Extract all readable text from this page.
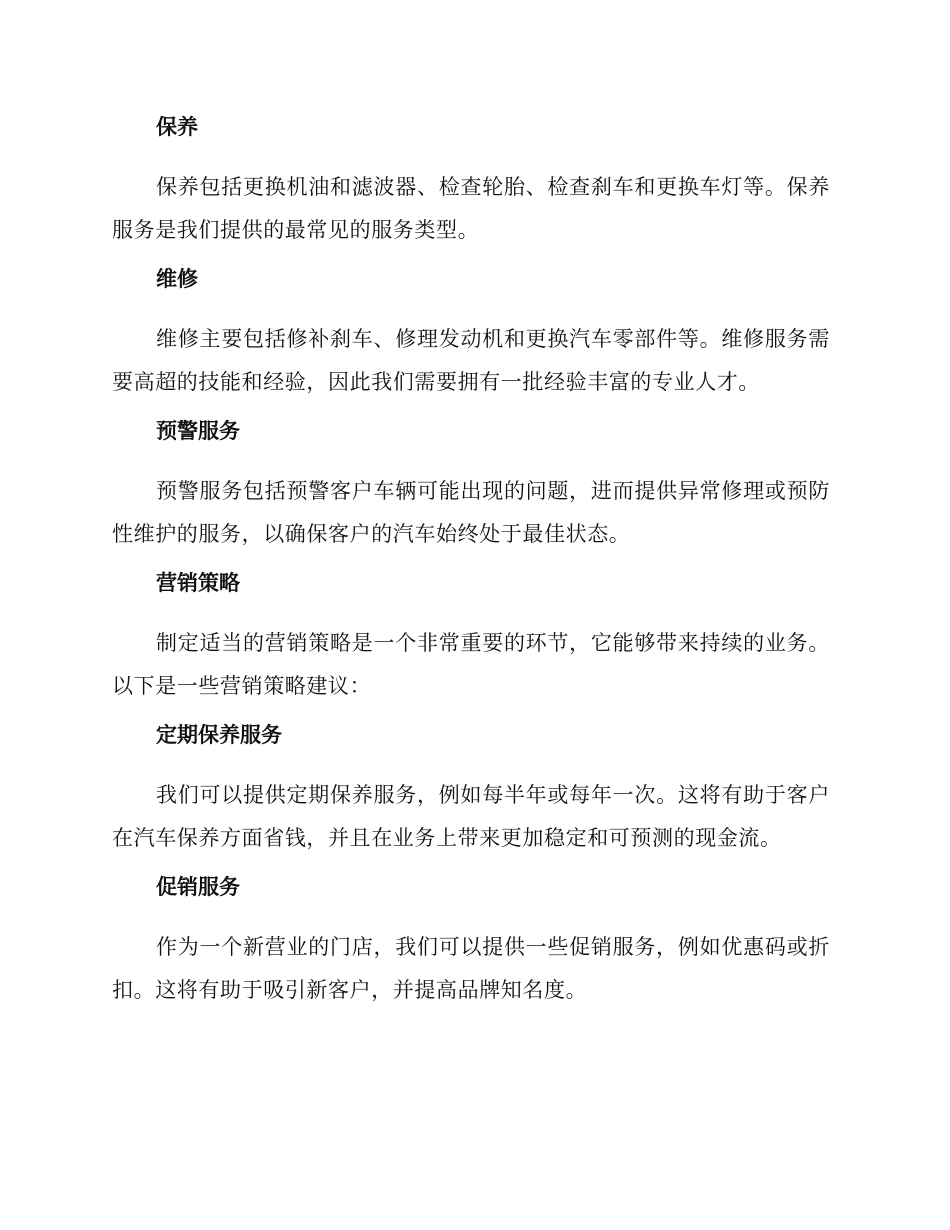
保养

保养包括更换机油和滤波器、检查轮胎、检查刹车和更换车灯等。保养服务是我们提供的最常见的服务类型。

维修

维修主要包括修补刹车、修理发动机和更换汽车零部件等。维修服务需要高超的技能和经验，因此我们需要拥有一批经验丰富的专业人才。

预警服务

预警服务包括预警客户车辆可能出现的问题，进而提供异常修理或预防性维护的服务，以确保客户的汽车始终处于最佳状态。

营销策略

制定适当的营销策略是一个非常重要的环节，它能够带来持续的业务。以下是一些营销策略建议：

定期保养服务

我们可以提供定期保养服务，例如每半年或每年一次。这将有助于客户在汽车保养方面省钱，并且在业务上带来更加稳定和可预测的现金流。

促销服务

作为一个新营业的门店，我们可以提供一些促销服务，例如优惠码或折扣。这将有助于吸引新客户，并提高品牌知名度。
